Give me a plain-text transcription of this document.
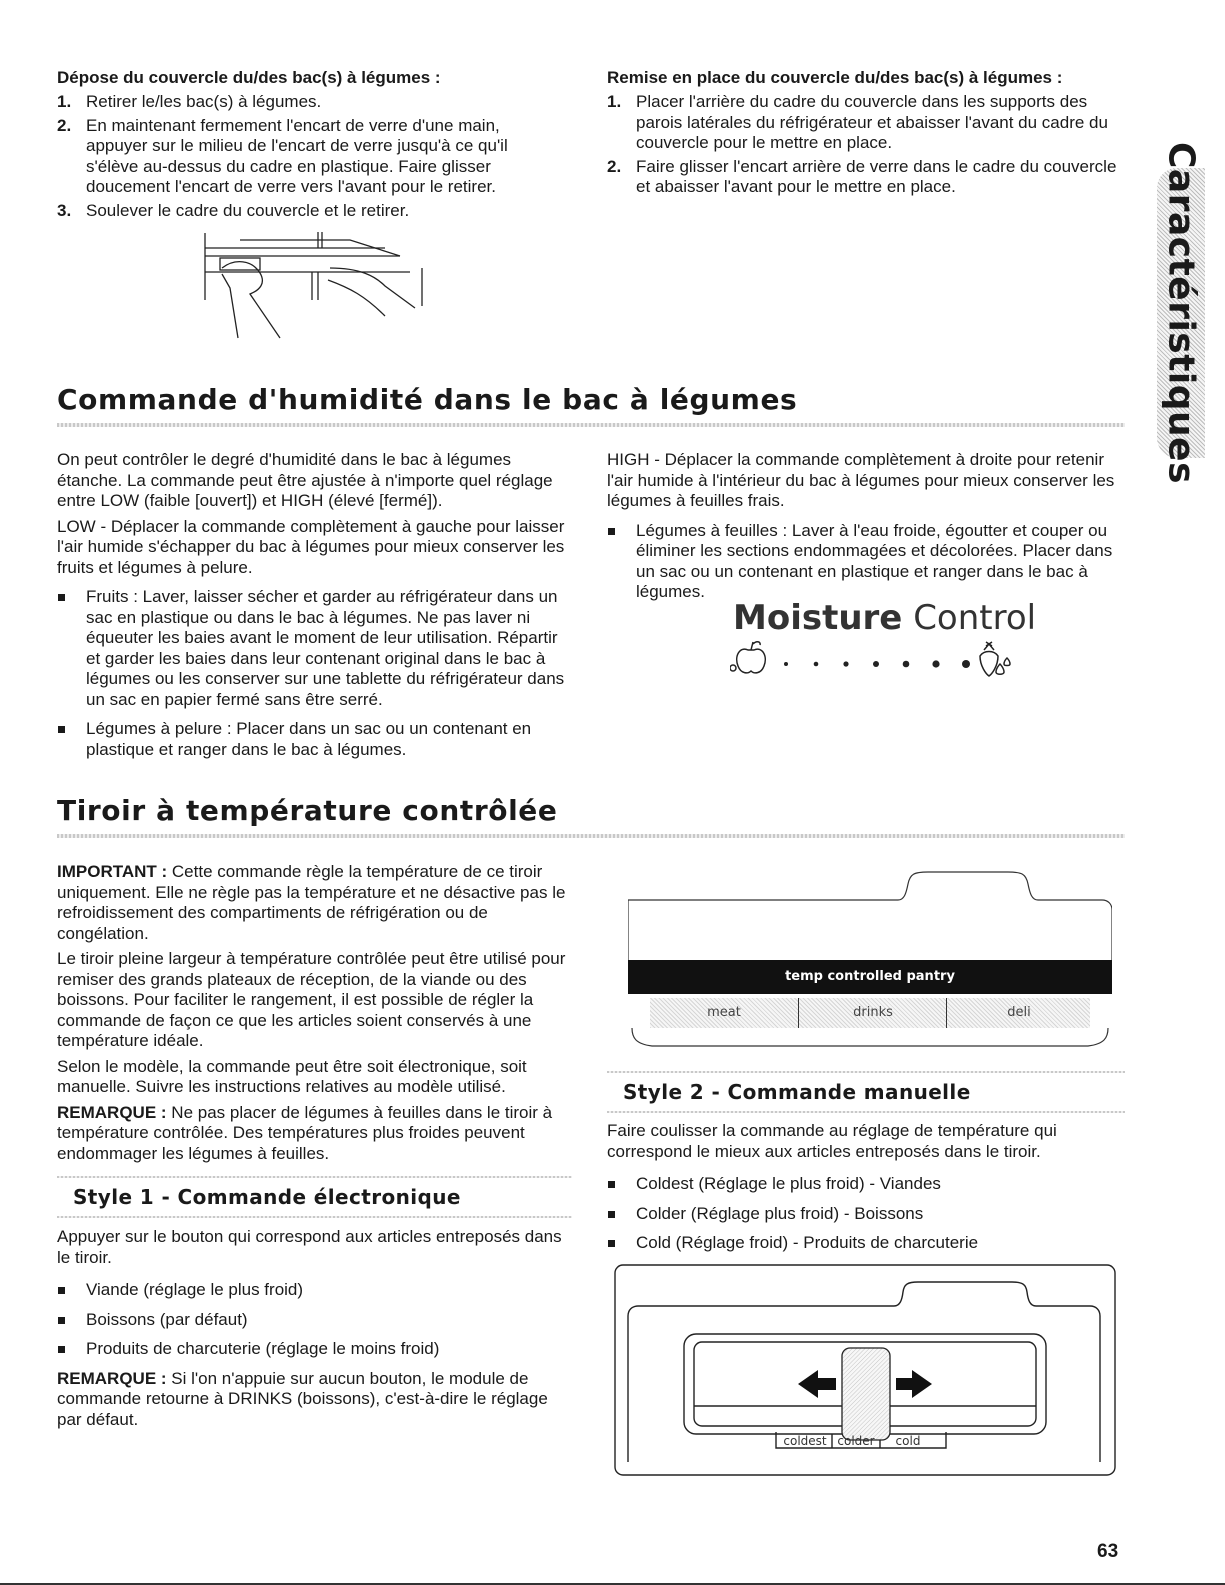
Dépose du couvercle du/des bac(s) à légumes :

1. Retirer le/les bac(s) à légumes.
2. En maintenant fermement l'encart de verre d'une main, appuyer sur le milieu de l'encart de verre jusqu'à ce qu'il s'élève au-dessus du cadre en plastique. Faire glisser doucement l'encart de verre vers l'avant pour le retirer.
3. Soulever le cadre du couvercle et le retirer.

Remise en place du couvercle du/des bac(s) à légumes :

1. Placer l'arrière du cadre du couvercle dans les supports des parois latérales du réfrigérateur et abaisser l'avant du cadre du couvercle pour le mettre en place.
2. Faire glisser l'encart arrière de verre dans le cadre du couvercle et abaisser l'avant pour le mettre en place.	Caractéristiques
Commande d'humidité dans le bac à légumes

On peut contrôler le degré d'humidité dans le bac à légumes étanche. La commande peut être ajustée à n'importe quel réglage entre LOW (faible [ouvert]) et HIGH (élevé [fermé]).

LOW - Déplacer la commande complètement à gauche pour laisser l'air humide s'échapper du bac à légumes pour mieux conserver les fruits et légumes à pelure.

Fruits : Laver, laisser sécher et garder au réfrigérateur dans un sac en plastique ou dans le bac à légumes. Ne pas laver ni équeuter les baies avant le moment de leur utilisation. Répartir et garder les baies dans leur contenant original dans le bac à légumes ou les conserver sur une tablette du réfrigérateur dans un sac en papier fermé sans être serré.
Légumes à pelure : Placer dans un sac ou un contenant en plastique et ranger dans le bac à légumes.

HIGH - Déplacer la commande complètement à droite pour retenir l'air humide à l'intérieur du bac à légumes pour mieux conserver les légumes à feuilles frais.

Légumes à feuilles : Laver à l'eau froide, égoutter et couper ou éliminer les sections endommagées et décolorées. Placer dans un sac ou un contenant en plastique et ranger dans le bac à légumes.
Moisture Control
Tiroir à température contrôlée

IMPORTANT : Cette commande règle la température de ce tiroir uniquement. Elle ne règle pas la température et ne désactive pas le refroidissement des compartiments de réfrigération ou de congélation.

Le tiroir pleine largeur à température contrôlée peut être utilisé pour remiser des grands plateaux de réception, de la viande ou des boissons. Pour faciliter le rangement, il est possible de régler la commande de façon ce que les articles soient conservés à une température idéale.

Selon le modèle, la commande peut être soit électronique, soit manuelle. Suivre les instructions relatives au modèle utilisé.

REMARQUE : Ne pas placer de légumes à feuilles dans le tiroir à température contrôlée. Des températures plus froides peuvent endommager les légumes à feuilles.

Style 1 - Commande électronique

Appuyer sur le bouton qui correspond aux articles entreposés dans le tiroir.

Viande (réglage le plus froid)
Boissons (par défaut)
Produits de charcuterie (réglage le moins froid)

REMARQUE : Si l'on n'appuie sur aucun bouton, le module de commande retourne à DRINKS (boissons), c'est-à-dire le réglage par défaut.

temp controlled pantry
meat	drinks	deli
Style 2 - Commande manuelle

Faire coulisser la commande au réglage de température qui correspond le mieux aux articles entreposés dans le tiroir.

Coldest (Réglage le plus froid) - Viandes
Colder (Réglage plus froid) - Boissons
Cold (Réglage froid) - Produits de charcuterie
coldest colder	cold
63
